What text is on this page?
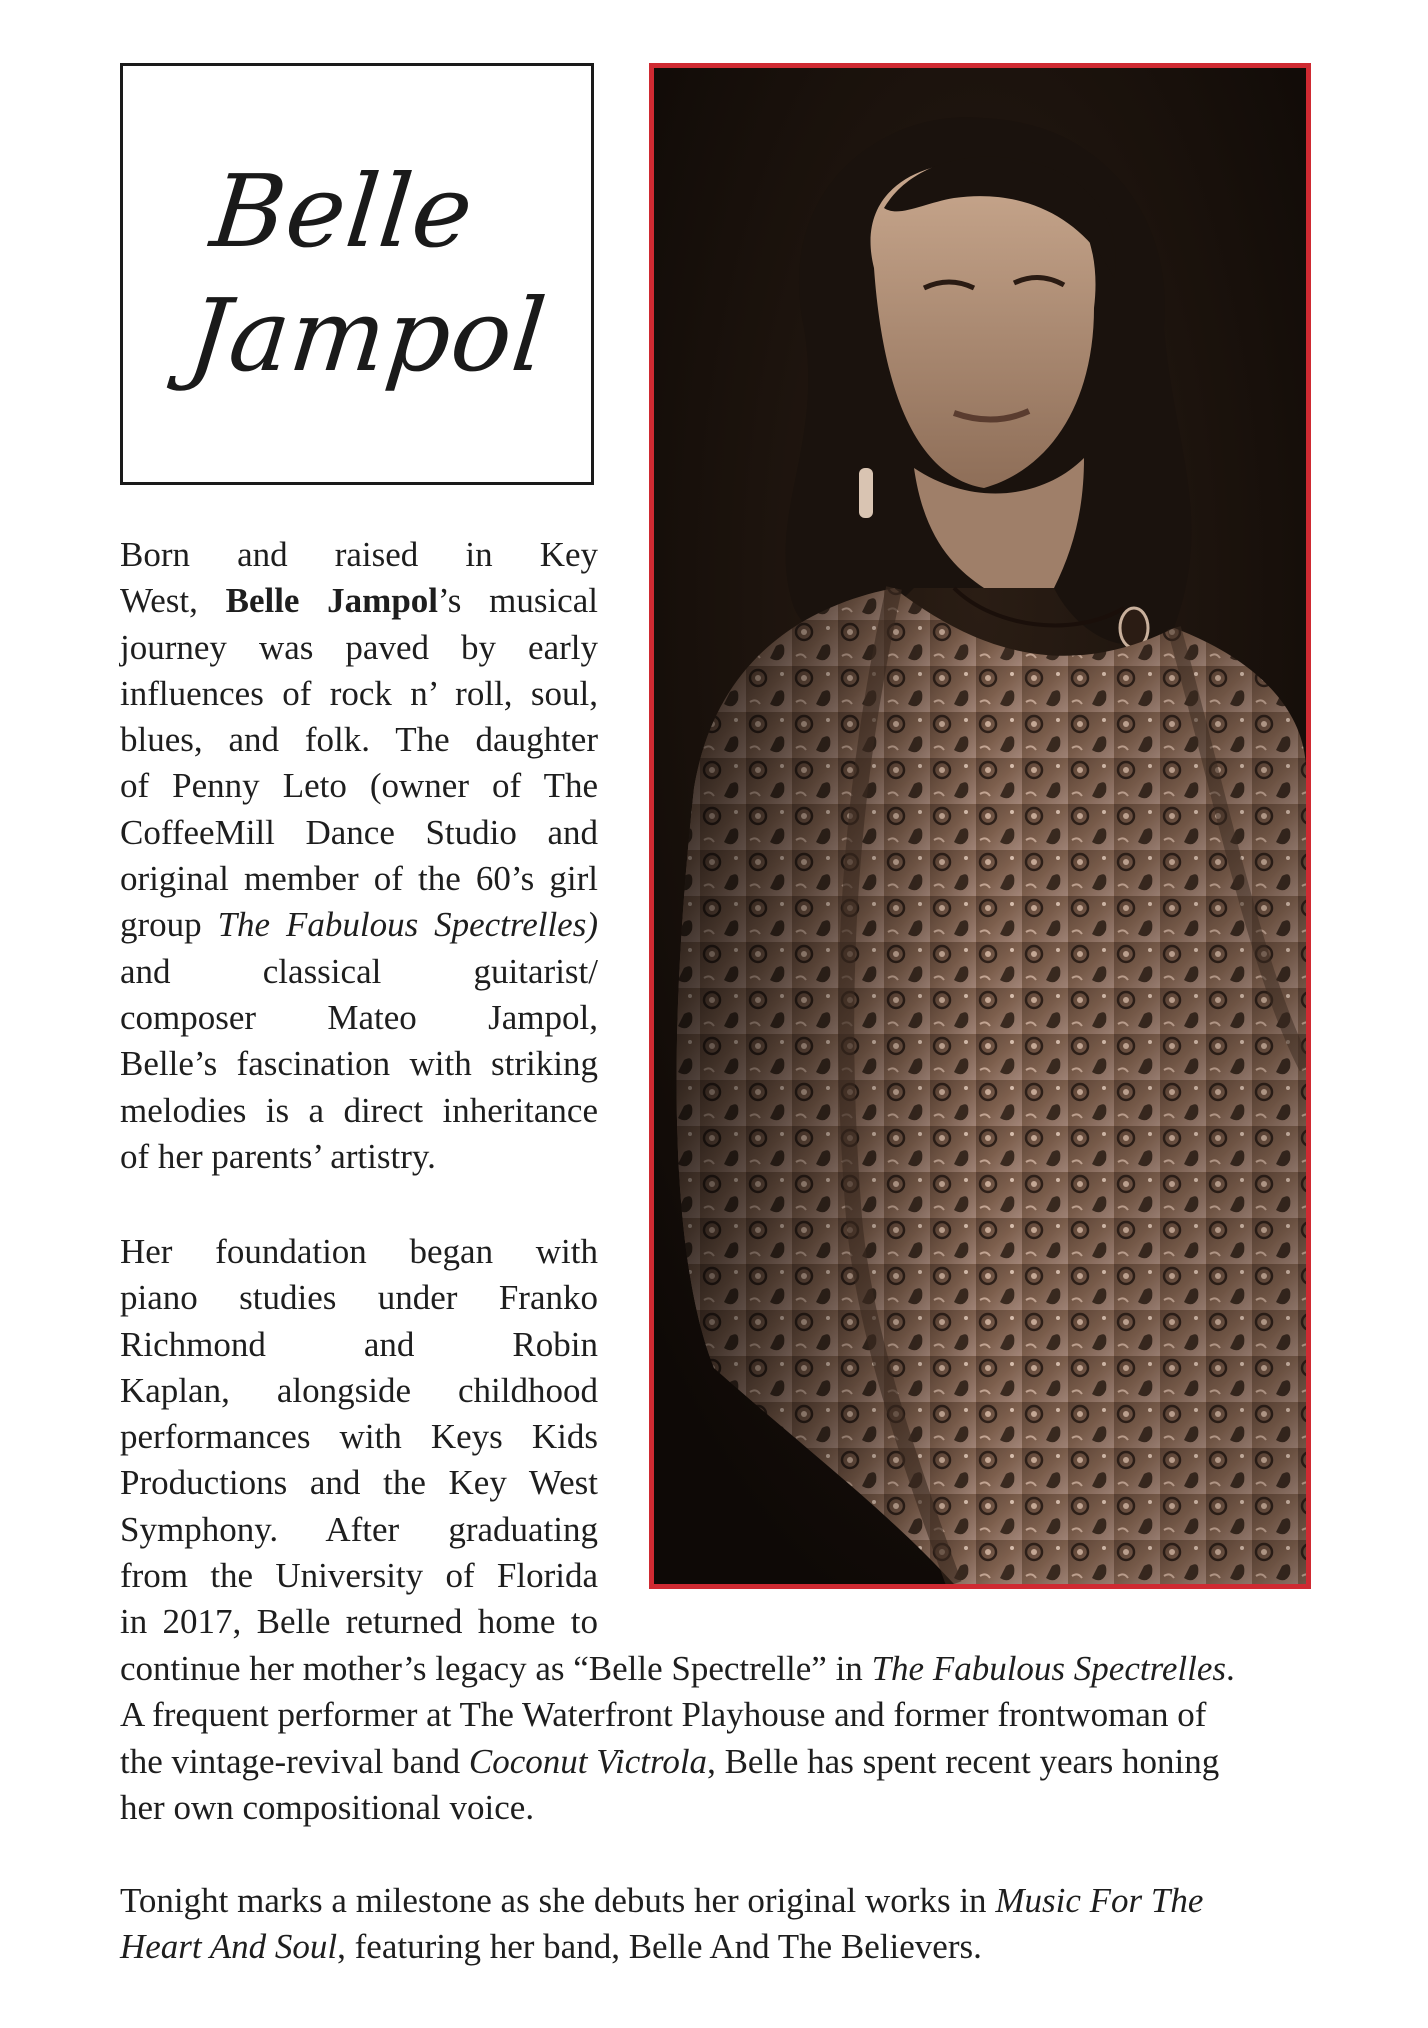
Belle
Jampol

Born and raised in Key
West, Belle Jampol’s musical
journey was paved by early
influences of rock n’ roll, soul,
blues, and folk. The daughter
of Penny Leto (owner of The
CoffeeMill Dance Studio and
original member of the 60’s girl
group The Fabulous Spectrelles)
and classical guitarist/
composer Mateo Jampol,
Belle’s fascination with striking
melodies is a direct inheritance
of her parents’ artistry.

Her foundation began with
piano studies under Franko
Richmond and Robin
Kaplan, alongside childhood
performances with Keys Kids
Productions and the Key West
Symphony. After graduating
from the University of Florida
in 2017, Belle returned home to

continue her mother’s legacy as “Belle Spectrelle” in The Fabulous Spectrelles.
A frequent performer at The Waterfront Playhouse and former frontwoman of
the vintage-revival band Coconut Victrola, Belle has spent recent years honing
her own compositional voice.

Tonight marks a milestone as she debuts her original works in Music For The
Heart And Soul, featuring her band, Belle And The Believers.
